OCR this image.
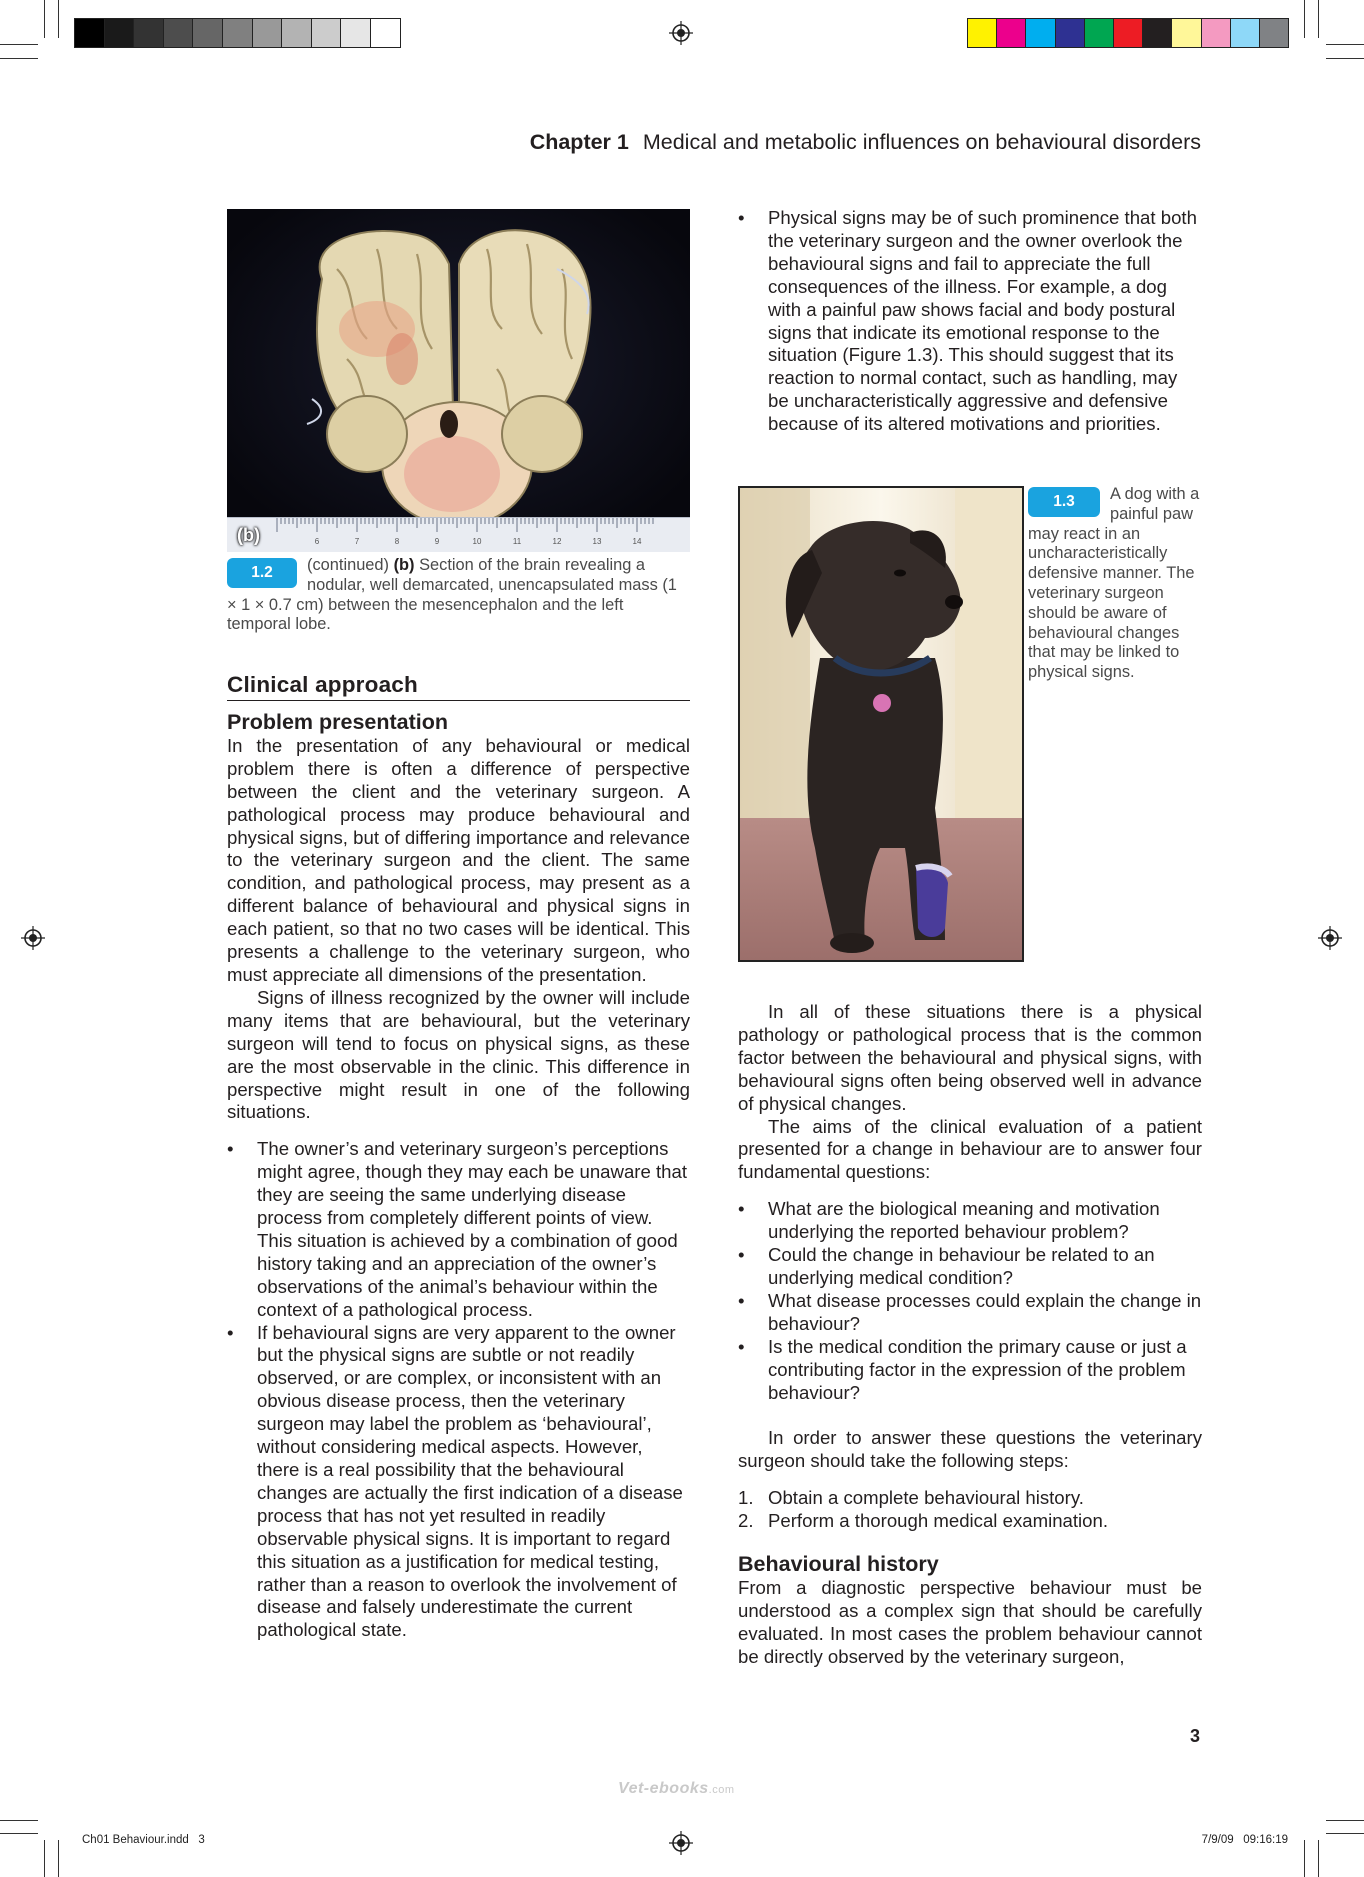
Chapter 1 Medical and metabolic influences on behavioural disorders
6	7	8	9	10	11	12	13	14
(b)
1.2	(continued) (b) Section of the brain revealing a nodular, well demarcated, unencapsulated mass (1 × 1 × 0.7 cm) between the mesencephalon and the left temporal lobe.
Clinical approach
Problem presentation

In the presentation of any behavioural or medical problem there is often a difference of perspective between the client and the veterinary surgeon. A pathological process may produce behavioural and physical signs, but of differing importance and relevance to the veterinary surgeon and the client. The same condition, and pathological process, may present as a different balance of behavioural and physical signs in each patient, so that no two cases will be identical. This presents a challenge to the veterinary surgeon, who must appreciate all dimensions of the presentation.

Signs of illness recognized by the owner will include many items that are behavioural, but the veterinary surgeon will tend to focus on physical signs, as these are the most observable in the clinic. This difference in perspective might result in one of the following situations.

• The owner’s and veterinary surgeon’s perceptions might agree, though they may each be unaware that they are seeing the same underlying disease process from completely different points of view. This situation is achieved by a combination of good history taking and an appreciation of the owner’s observations of the animal’s behaviour within the context of a pathological process.
• If behavioural signs are very apparent to the owner but the physical signs are subtle or not readily observed, or are complex, or inconsistent with an obvious disease process, then the veterinary surgeon may label the problem as ‘behavioural’, without considering medical aspects. However, there is a real possibility that the behavioural changes are actually the first indication of a disease process that has not yet resulted in readily observable physical signs. It is important to regard this situation as a justification for medical testing, rather than a reason to overlook the involvement of disease and falsely underestimate the current pathological state.
• Physical signs may be of such prominence that both the veterinary surgeon and the owner overlook the behavioural signs and fail to appreciate the full consequences of the illness. For example, a dog with a painful paw shows facial and body postural signs that indicate its emotional response to the situation (Figure 1.3). This should suggest that its reaction to normal contact, such as handling, may be uncharacteristically aggressive and defensive because of its altered motivations and priorities.
1.3	A dog with a painful paw may react in an uncharacteristically defensive manner. The veterinary surgeon should be aware of behavioural changes that may be linked to physical signs.

In all of these situations there is a physical pathology or pathological process that is the common factor between the behavioural and physical signs, with behavioural signs often being observed well in advance of physical changes.

The aims of the clinical evaluation of a patient presented for a change in behaviour are to answer four fundamental questions:

• What are the biological meaning and motivation underlying the reported behaviour problem?
• Could the change in behaviour be related to an underlying medical condition?
• What disease processes could explain the change in behaviour?
• Is the medical condition the primary cause or just a contributing factor in the expression of the problem behaviour?

In order to answer these questions the veterinary surgeon should take the following steps:

1. Obtain a complete behavioural history.
2. Perform a thorough medical examination.
Behavioural history

From a diagnostic perspective behaviour must be understood as a complex sign that should be carefully evaluated. In most cases the problem behaviour cannot be directly observed by the veterinary surgeon,

3
Vet-ebooks.com
Ch01 Behaviour.indd   3	7/9/09   09:16:19
